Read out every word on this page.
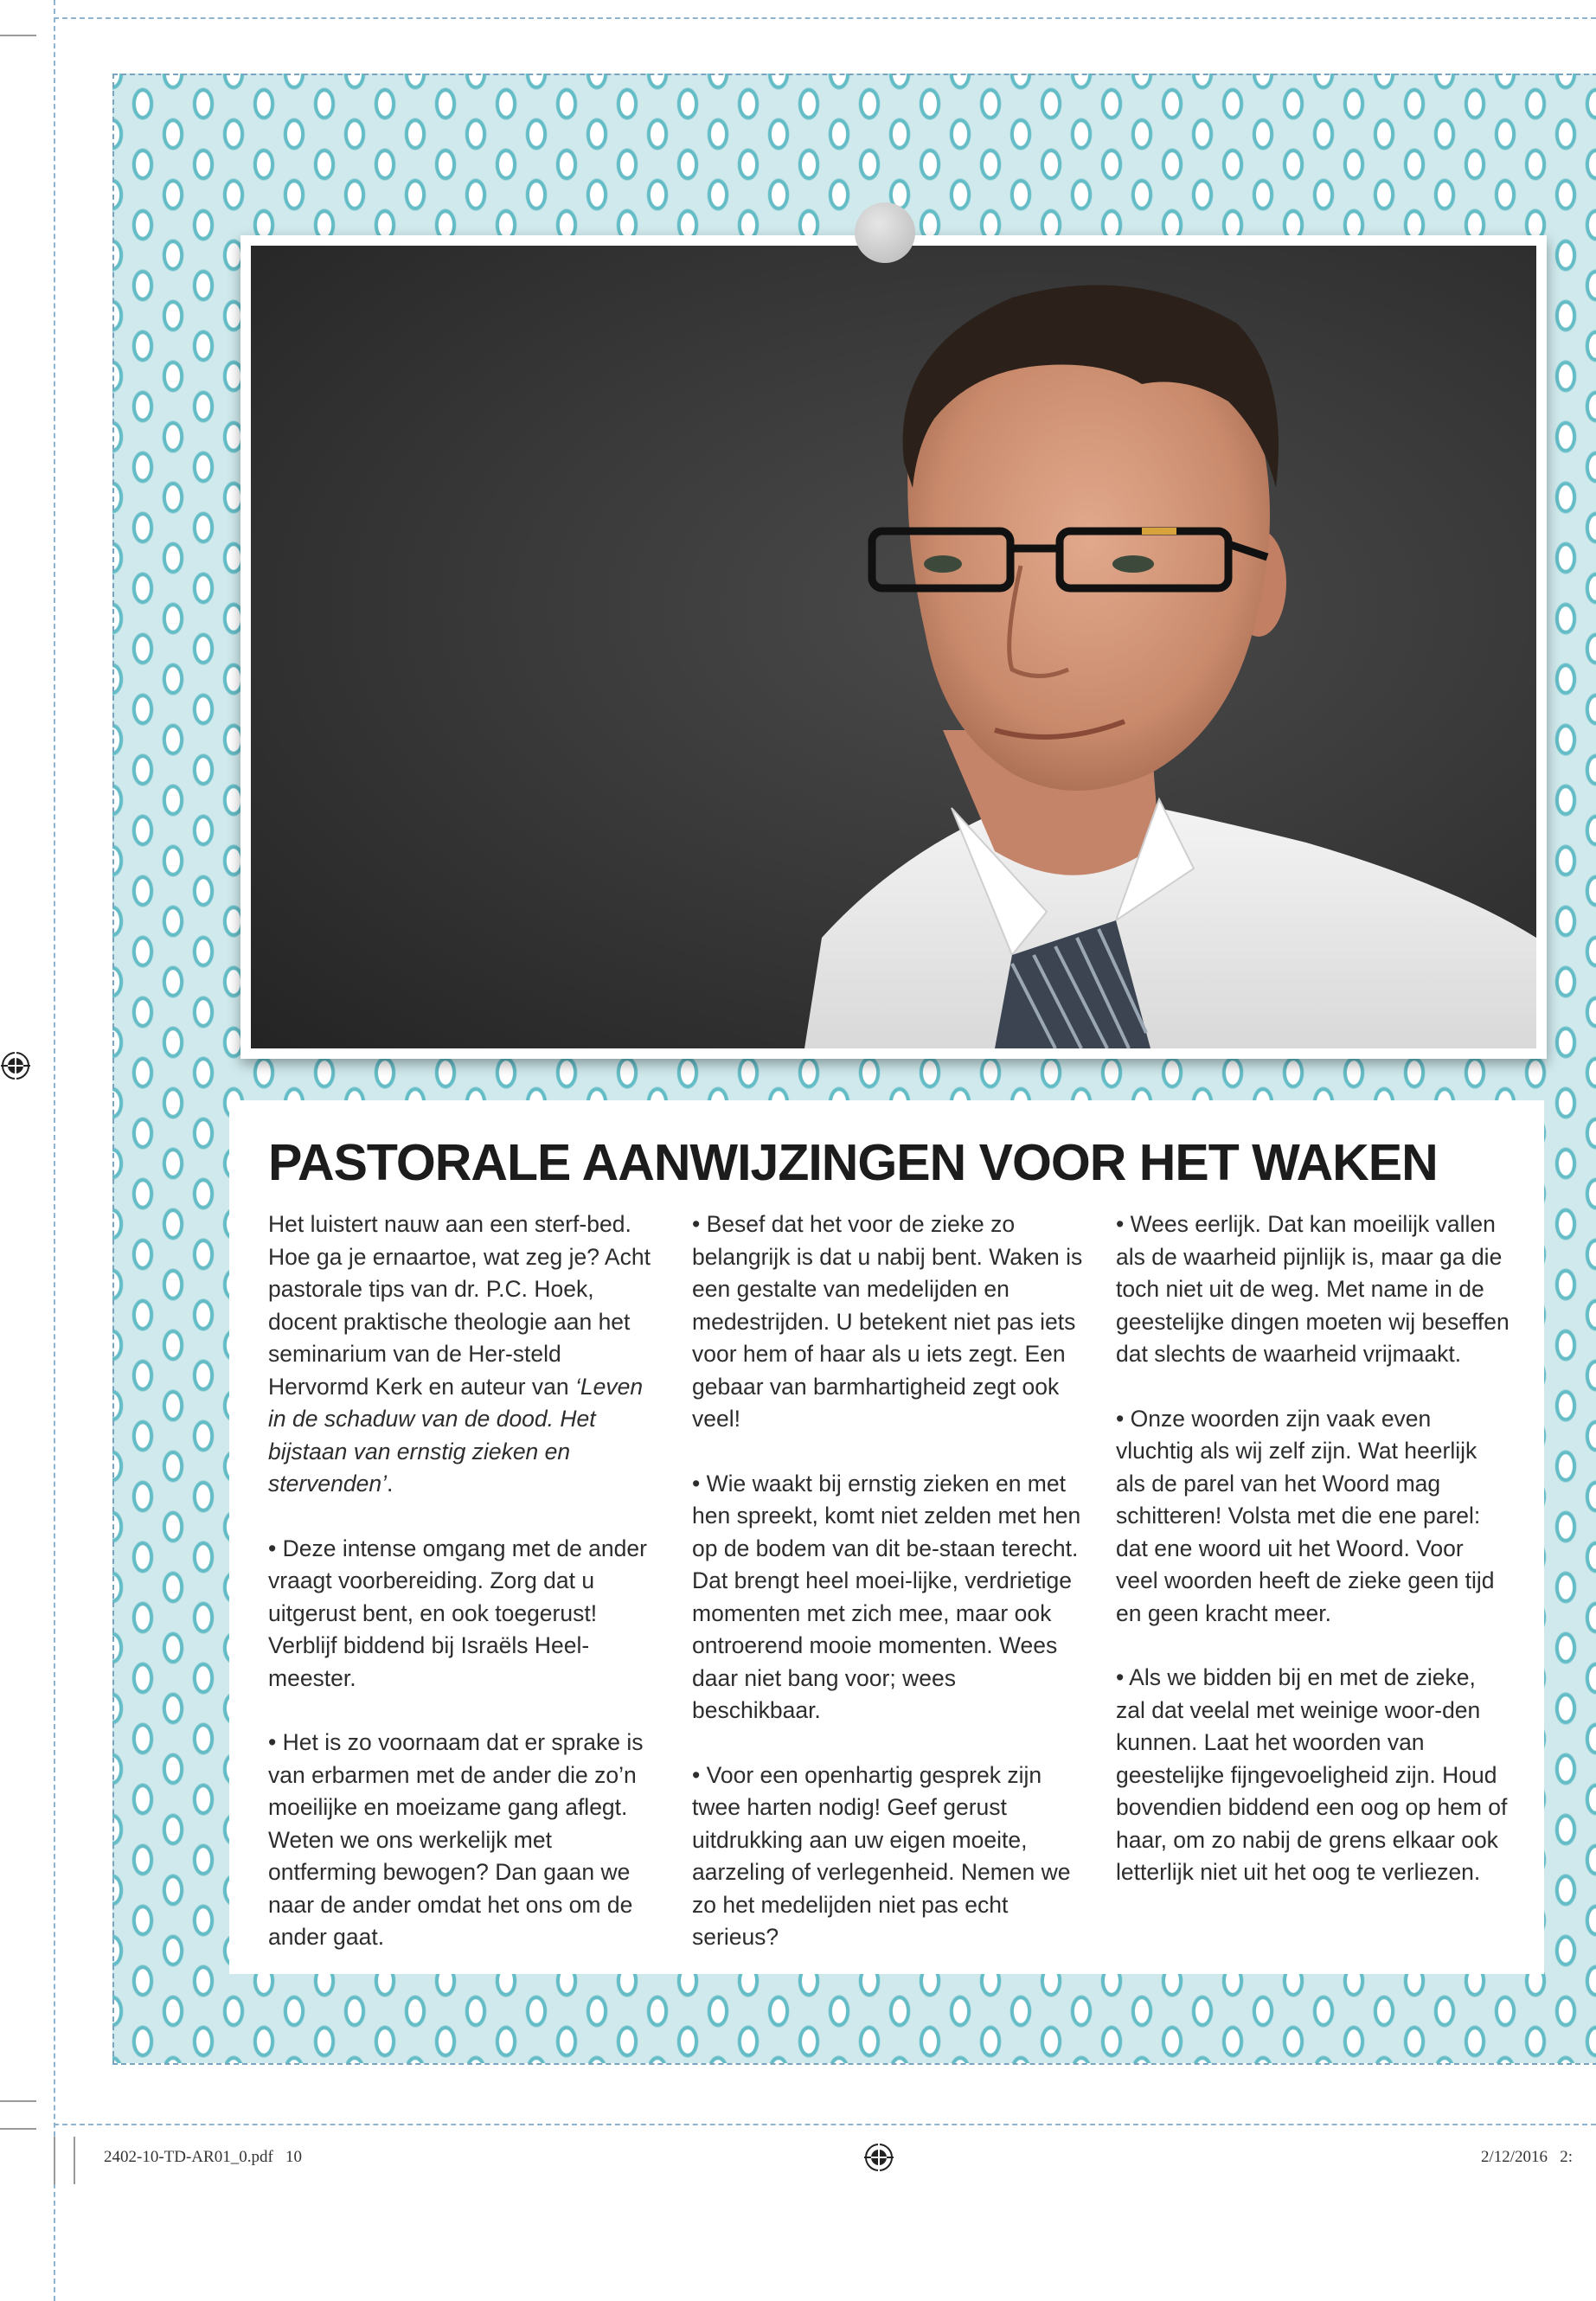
PASTORALE AANWIJZINGEN VOOR HET WAKEN

Het luistert nauw aan een sterf-bed. Hoe ga je ernaartoe, wat zeg je? Acht pastorale tips van dr. P.C. Hoek, docent praktische theologie aan het seminarium van de Her-steld Hervormd Kerk en auteur van ‘Leven in de schaduw van de dood. Het bijstaan van ernstig zieken en stervenden’.

• Deze intense omgang met de ander vraagt voorbereiding. Zorg dat u uitgerust bent, en ook toegerust! Verblijf biddend bij Israëls Heel-meester.

• Het is zo voornaam dat er sprake is van erbarmen met de ander die zo’n moeilijke en moeizame gang aflegt. Weten we ons werkelijk met ontferming bewogen? Dan gaan we naar de ander omdat het ons om de ander gaat.

• Besef dat het voor de zieke zo belangrijk is dat u nabij bent. Waken is een gestalte van medelijden en medestrijden. U betekent niet pas iets voor hem of haar als u iets zegt. Een gebaar van barmhartigheid zegt ook veel!

• Wie waakt bij ernstig zieken en met hen spreekt, komt niet zelden met hen op de bodem van dit be-staan terecht. Dat brengt heel moei-lijke, verdrietige momenten met zich mee, maar ook ontroerend mooie momenten. Wees daar niet bang voor; wees beschikbaar.

• Voor een openhartig gesprek zijn twee harten nodig! Geef gerust uitdrukking aan uw eigen moeite, aarzeling of verlegenheid. Nemen we zo het medelijden niet pas echt serieus?

• Wees eerlijk. Dat kan moeilijk vallen als de waarheid pijnlijk is, maar ga die toch niet uit de weg. Met name in de geestelijke dingen moeten wij beseffen dat slechts de waarheid vrijmaakt.

• Onze woorden zijn vaak even vluchtig als wij zelf zijn. Wat heerlijk als de parel van het Woord mag schitteren! Volsta met die ene parel: dat ene woord uit het Woord. Voor veel woorden heeft de zieke geen tijd en geen kracht meer.

• Als we bidden bij en met de zieke, zal dat veelal met weinige woor-den kunnen. Laat het woorden van geestelijke fijngevoeligheid zijn. Houd bovendien biddend een oog op hem of haar, om zo nabij de grens elkaar ook letterlijk niet uit het oog te verliezen.

2402-10-TD-AR01_0.pdf   10	2/12/2016   2:
